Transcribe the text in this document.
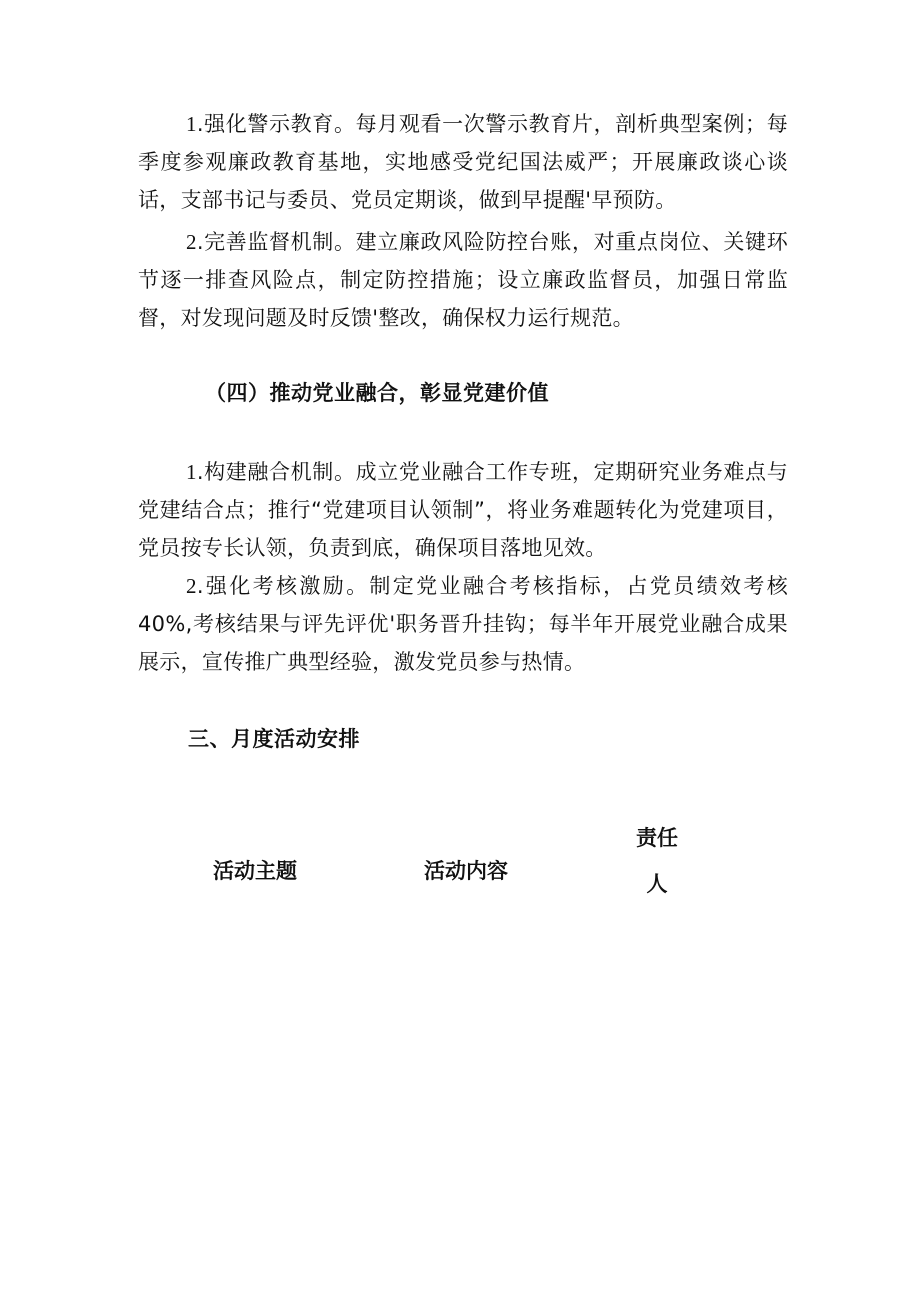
1.强化警示教育。每月观看一次警示教育片，剖析典型案例；每季度参观廉政教育基地，实地感受党纪国法威严；开展廉政谈心谈话，支部书记与委员、党员定期谈，做到早提醒'早预防。
2.完善监督机制。建立廉政风险防控台账，对重点岗位、关键环节逐一排查风险点，制定防控措施；设立廉政监督员，加强日常监督，对发现问题及时反馈'整改，确保权力运行规范。
（四）推动党业融合，彰显党建价值
1.构建融合机制。成立党业融合工作专班，定期研究业务难点与党建结合点；推行“党建项目认领制”，将业务难题转化为党建项目，党员按专长认领，负责到底，确保项目落地见效。
2.强化考核激励。制定党业融合考核指标，占党员绩效考核40%,考核结果与评先评优'职务晋升挂钩；每半年开展党业融合成果展示，宣传推广典型经验，激发党员参与热情。
三、月度活动安排
活动主题	活动内容
责任
人
